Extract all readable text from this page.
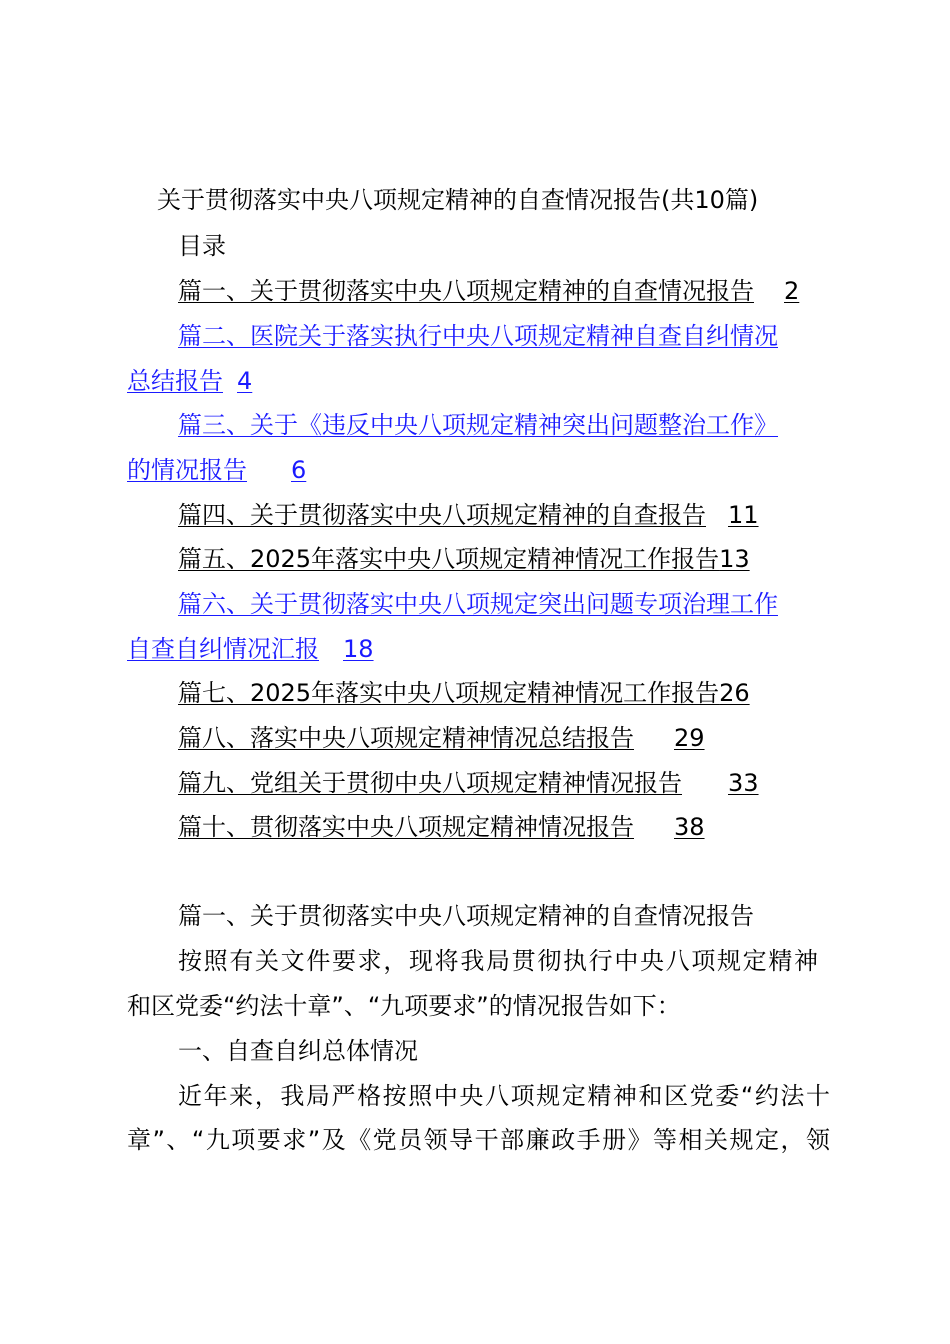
关于贯彻落实中央八项规定精神的自查情况报告(共10篇)
目录
篇一、关于贯彻落实中央八项规定精神的自查情况报告 2
篇二、医院关于落实执行中央八项规定精神自查自纠情况
总结报告 4
篇三、关于《违反中央八项规定精神突出问题整治工作》
的情况报告 6
篇四、关于贯彻落实中央八项规定精神的自查报告 11
篇五、2025年落实中央八项规定精神情况工作报告13
篇六、关于贯彻落实中央八项规定突出问题专项治理工作
自查自纠情况汇报 18
篇七、2025年落实中央八项规定精神情况工作报告26
篇八、落实中央八项规定精神情况总结报告 29
篇九、党组关于贯彻中央八项规定精神情况报告 33
篇十、贯彻落实中央八项规定精神情况报告 38
篇一、关于贯彻落实中央八项规定精神的自查情况报告
按照有关文件要求，现将我局贯彻执行中央八项规定精神
和区党委“约法十章”、“九项要求”的情况报告如下：
一、自查自纠总体情况
近年来，我局严格按照中央八项规定精神和区党委“约法十
章”、“九项要求”及《党员领导干部廉政手册》等相关规定，领
